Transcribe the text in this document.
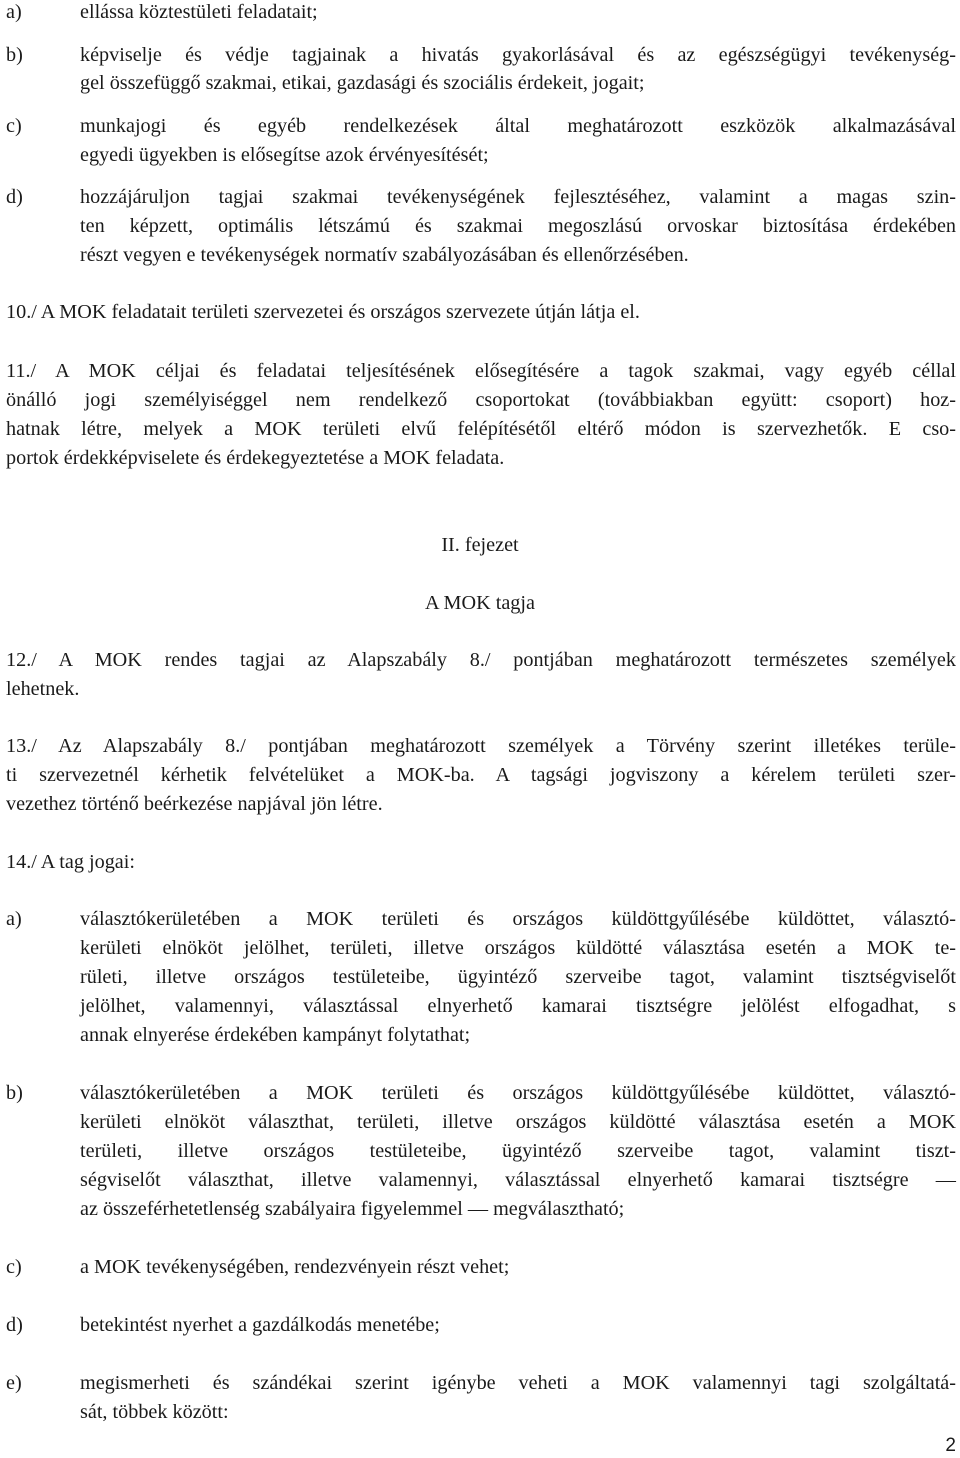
a)	ellássa köztestületi feladatait;
b)	képviselje és védje tagjainak a hivatás gyakorlásával és az egészségügyi tevékenység-
gel összefüggő szakmai, etikai, gazdasági és szociális érdekeit, jogait;
c)	munkajogi és egyéb rendelkezések által meghatározott eszközök alkalmazásával
egyedi ügyekben is elősegítse azok érvényesítését;
d)	hozzájáruljon tagjai szakmai tevékenységének fejlesztéséhez, valamint a magas szin-
ten képzett, optimális létszámú és szakmai megoszlású orvoskar biztosítása érdekében
részt vegyen e tevékenységek normatív szabályozásában és ellenőrzésében.
10./ A MOK feladatait területi szervezetei és országos szervezete útján látja el.
11./ A MOK céljai és feladatai teljesítésének elősegítésére a tagok szakmai, vagy egyéb céllal
önálló jogi személyiséggel nem rendelkező csoportokat (továbbiakban együtt: csoport) hoz-
hatnak létre, melyek a MOK területi elvű felépítésétől eltérő módon is szervezhetők. E cso-
portok érdekképviselete és érdekegyeztetése a MOK feladata.
II. fejezet
A MOK tagja
12./ A MOK rendes tagjai az Alapszabály 8./ pontjában meghatározott természetes személyek
lehetnek.
13./ Az Alapszabály 8./ pontjában meghatározott személyek a Törvény szerint illetékes terüle-
ti szervezetnél kérhetik felvételüket a MOK-ba. A tagsági jogviszony a kérelem területi szer-
vezethez történő beérkezése napjával jön létre.
14./ A tag jogai:
a)	választókerületében a MOK területi és országos küldöttgyűlésébe küldöttet, választó-
kerületi elnököt jelölhet, területi, illetve országos küldötté választása esetén a MOK te-
rületi, illetve országos testületeibe, ügyintéző szerveibe tagot, valamint tisztségviselőt
jelölhet, valamennyi, választással elnyerhető kamarai tisztségre jelölést elfogadhat, s
annak elnyerése érdekében kampányt folytathat;
b)	választókerületében a MOK területi és országos küldöttgyűlésébe küldöttet, választó-
kerületi elnököt választhat, területi, illetve országos küldötté választása esetén a MOK
területi, illetve országos testületeibe, ügyintéző szerveibe tagot, valamint tiszt-
ségviselőt választhat, illetve valamennyi, választással elnyerhető kamarai tisztségre —
az összeférhetetlenség szabályaira figyelemmel — megválasztható;
c)	a MOK tevékenységében, rendezvényein részt vehet;
d)	betekintést nyerhet a gazdálkodás menetébe;
e)	megismerheti és szándékai szerint igénybe veheti a MOK valamennyi tagi szolgáltatá-
sát, többek között:
2
